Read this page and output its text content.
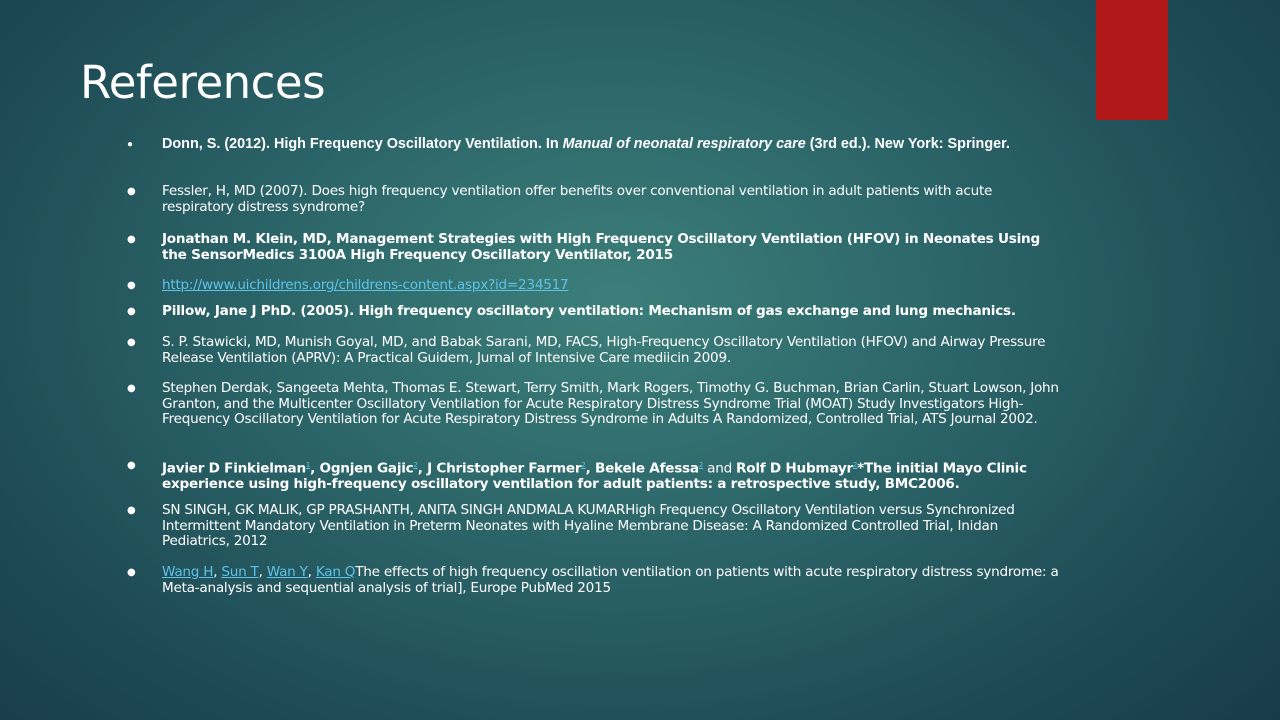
References
● Donn, S. (2012). High Frequency Oscillatory Ventilation. In Manual of neonatal respiratory care (3rd ed.). New York: Springer.
● Fessler, H, MD (2007). Does high frequency ventilation offer benefits over conventional ventilation in adult patients with acute respiratory distress syndrome?
● Jonathan M. Klein, MD, Management Strategies with High Frequency Oscillatory Ventilation (HFOV) in Neonates Using the SensorMedics 3100A High Frequency Oscillatory Ventilator, 2015
● http://www.uichildrens.org/childrens-content.aspx?id=234517
● Pillow, Jane J PhD. (2005). High frequency oscillatory ventilation: Mechanism of gas exchange and lung mechanics.
● S. P. Stawicki, MD, Munish Goyal, MD, and Babak Sarani, MD, FACS, High-Frequency Oscillatory Ventilation (HFOV) and Airway Pressure Release Ventilation (APRV): A Practical Guidem, Jurnal of Intensive Care mediicin 2009.
● Stephen Derdak, Sangeeta Mehta, Thomas E. Stewart, Terry Smith, Mark Rogers, Timothy G. Buchman, Brian Carlin, Stuart Lowson, John Granton, and the Multicenter Oscillatory Ventilation for Acute Respiratory Distress Syndrome Trial (MOAT) Study Investigators High-Frequency Oscillatory Ventilation for Acute Respiratory Distress Syndrome in Adults A Randomized, Controlled Trial, ATS Journal 2002.
● Javier D Finkielman$^1$, Ognjen Gajic$^2$, J Christopher Farmer$^2$, Bekele Afessa$^2$ and Rolf D Hubmayr$^2$*The initial Mayo Clinic experience using high-frequency oscillatory ventilation for adult patients: a retrospective study, BMC2006.
● SN SINGH, GK MALIK, GP PRASHANTH, ANITA SINGH ANDMALA KUMARHigh Frequency Oscillatory Ventilation versus Synchronized Intermittent Mandatory Ventilation in Preterm Neonates with Hyaline Membrane Disease: A Randomized Controlled Trial, Inidan Pediatrics, 2012
● Wang H, Sun T, Wan Y, Kan QThe effects of high frequency oscillation ventilation on patients with acute respiratory distress syndrome: a Meta-analysis and sequential analysis of trial], Europe PubMed 2015
